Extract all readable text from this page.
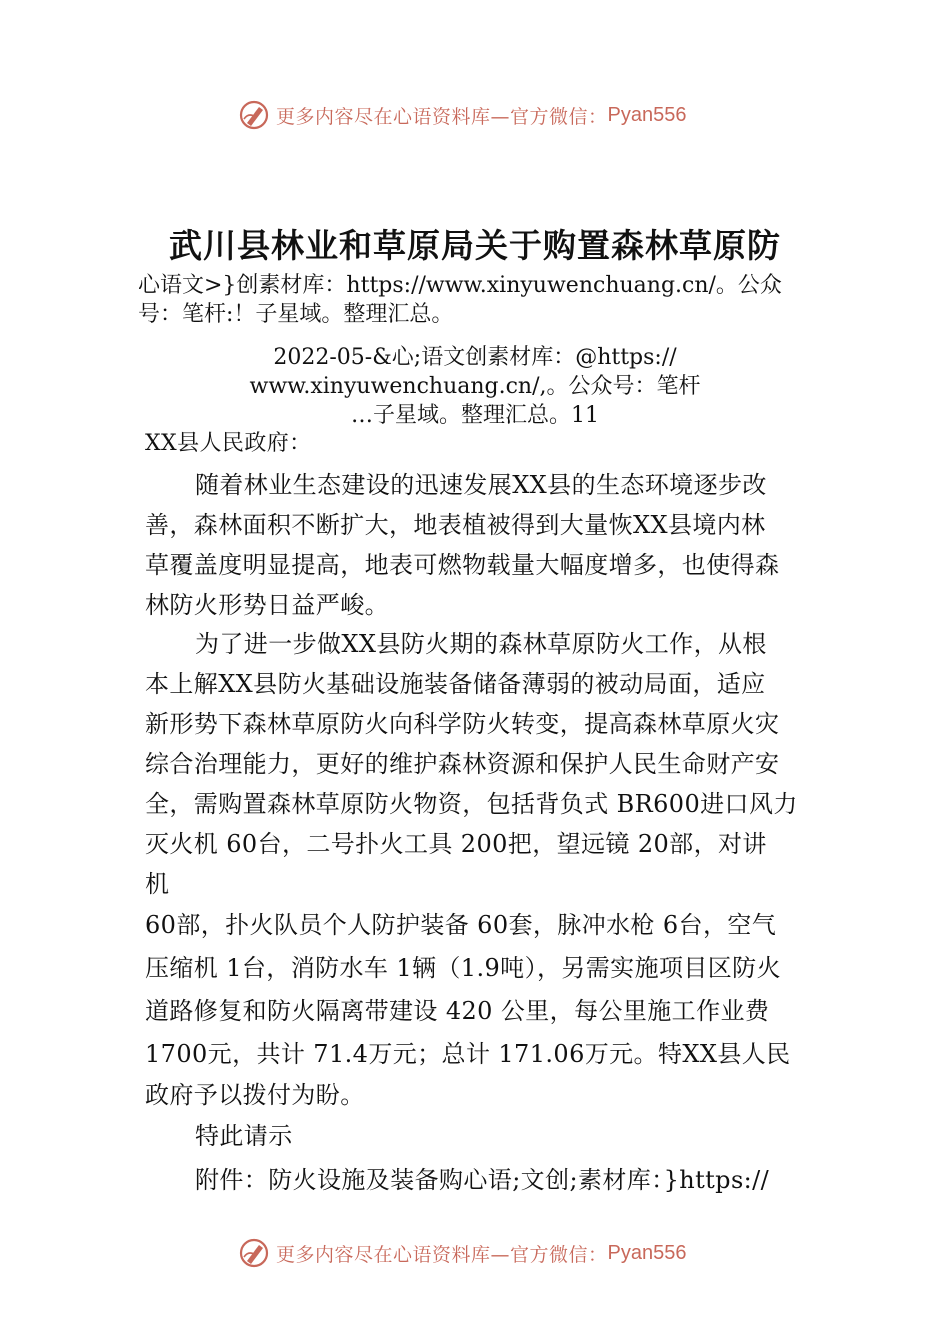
更多内容尽在心语资料库—官方微信： Pyan556
武川县林业和草原局关于购置森林草原防
心语文>}创素材库：https://www.xinyuwenchuang.cn/。公众
号：笔杆:！子星域。整理汇总。
2022-05-&心;语文创素材库：@https://
www.xinyuwenchuang.cn/,。公众号：笔杆
…子星域。整理汇总。11
XX县人民政府：
随着林业生态建设的迅速发展XX县的生态环境逐步改
善，森林面积不断扩大，地表植被得到大量恢XX县境内林
草覆盖度明显提高，地表可燃物载量大幅度增多，也使得森
林防火形势日益严峻。
为了进一步做XX县防火期的森林草原防火工作，从根
本上解XX县防火基础设施装备储备薄弱的被动局面，适应
新形势下森林草原防火向科学防火转变，提高森林草原火灾
综合治理能力，更好的维护森林资源和保护人民生命财产安
全，需购置森林草原防火物资，包括背负式 BR600进口风力
灭火机 60台，二号扑火工具 200把，望远镜 20部，对讲
机
60部，扑火队员个人防护装备 60套，脉冲水枪 6台，空气
压缩机 1台，消防水车 1辆（1.9吨），另需实施项目区防火
道路修复和防火隔离带建设 420 公里，每公里施工作业费
1700元，共计 71.4万元；总计 171.06万元。特XX县人民
政府予以拨付为盼。
特此请示
附件：防火设施及装备购心语;文创;素材库：}https://
更多内容尽在心语资料库—官方微信： Pyan556
